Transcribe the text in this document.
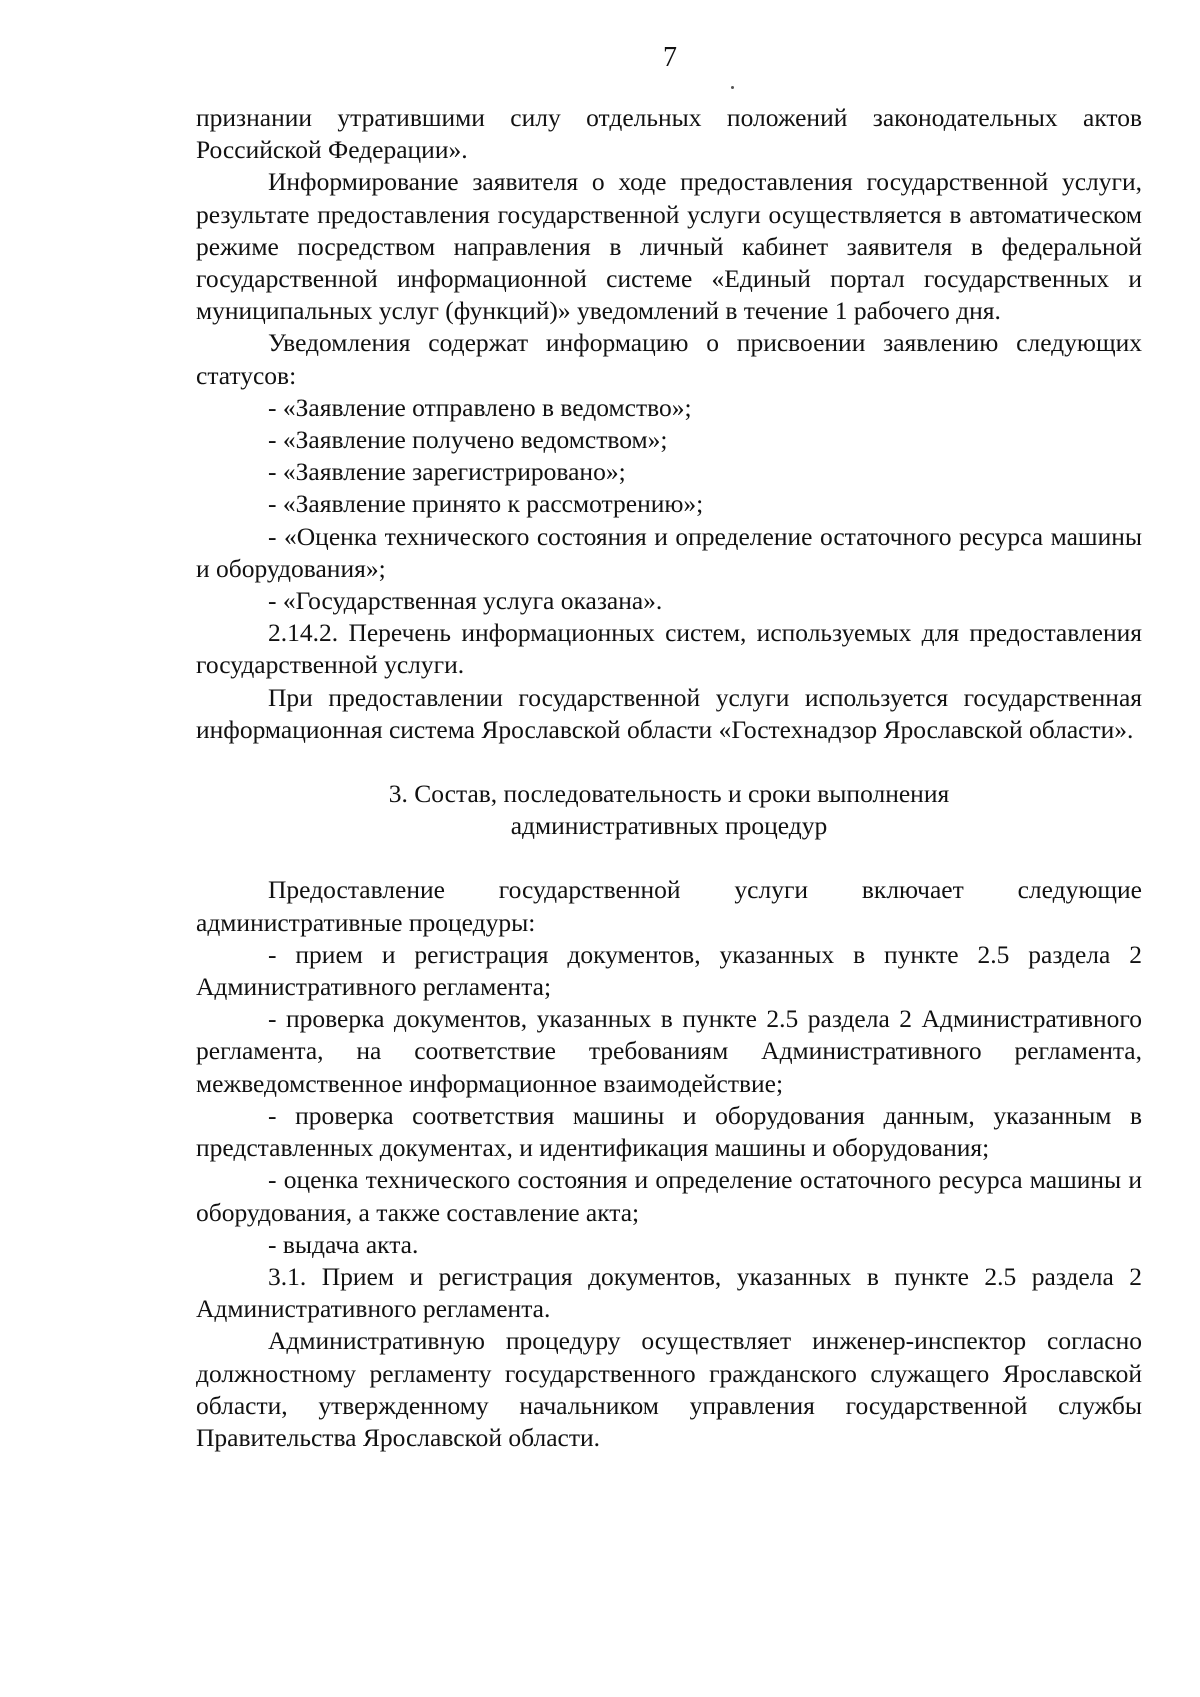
7

признании утратившими силу отдельных положений законодательных актов Российской Федерации».

Информирование заявителя о ходе предоставления государственной услуги, результате предоставления государственной услуги осуществляется в автоматическом режиме посредством направления в личный кабинет заявителя в федеральной государственной информационной системе «Единый портал государственных и муниципальных услуг (функций)» уведомлений в течение 1 рабочего дня.

Уведомления содержат информацию о присвоении заявлению следующих статусов:

- «Заявление отправлено в ведомство»;

- «Заявление получено ведомством»;

- «Заявление зарегистрировано»;

- «Заявление принято к рассмотрению»;

- «Оценка технического состояния и определение остаточного ресурса машины и оборудования»;

- «Государственная услуга оказана».

2.14.2. Перечень информационных систем, используемых для предоставления государственной услуги.

При предоставлении государственной услуги используется государственная информационная система Ярославской области «Гостехнадзор Ярославской области».

3. Состав, последовательность и сроки выполнения
административных процедур

Предоставление государственной услуги включает следующие административные процедуры:

- прием и регистрация документов, указанных в пункте 2.5 раздела 2 Административного регламента;

- проверка документов, указанных в пункте 2.5 раздела 2 Административного регламента, на соответствие требованиям Административного регламента, межведомственное информационное взаимодействие;

- проверка соответствия машины и оборудования данным, указанным в представленных документах, и идентификация машины и оборудования;

- оценка технического состояния и определение остаточного ресурса машины и оборудования, а также составление акта;

- выдача акта.

3.1. Прием и регистрация документов, указанных в пункте 2.5 раздела 2 Административного регламента.

Административную процедуру осуществляет инженер-инспектор согласно должностному регламенту государственного гражданского служащего Ярославской области, утвержденному начальником управления государственной службы Правительства Ярославской области.
